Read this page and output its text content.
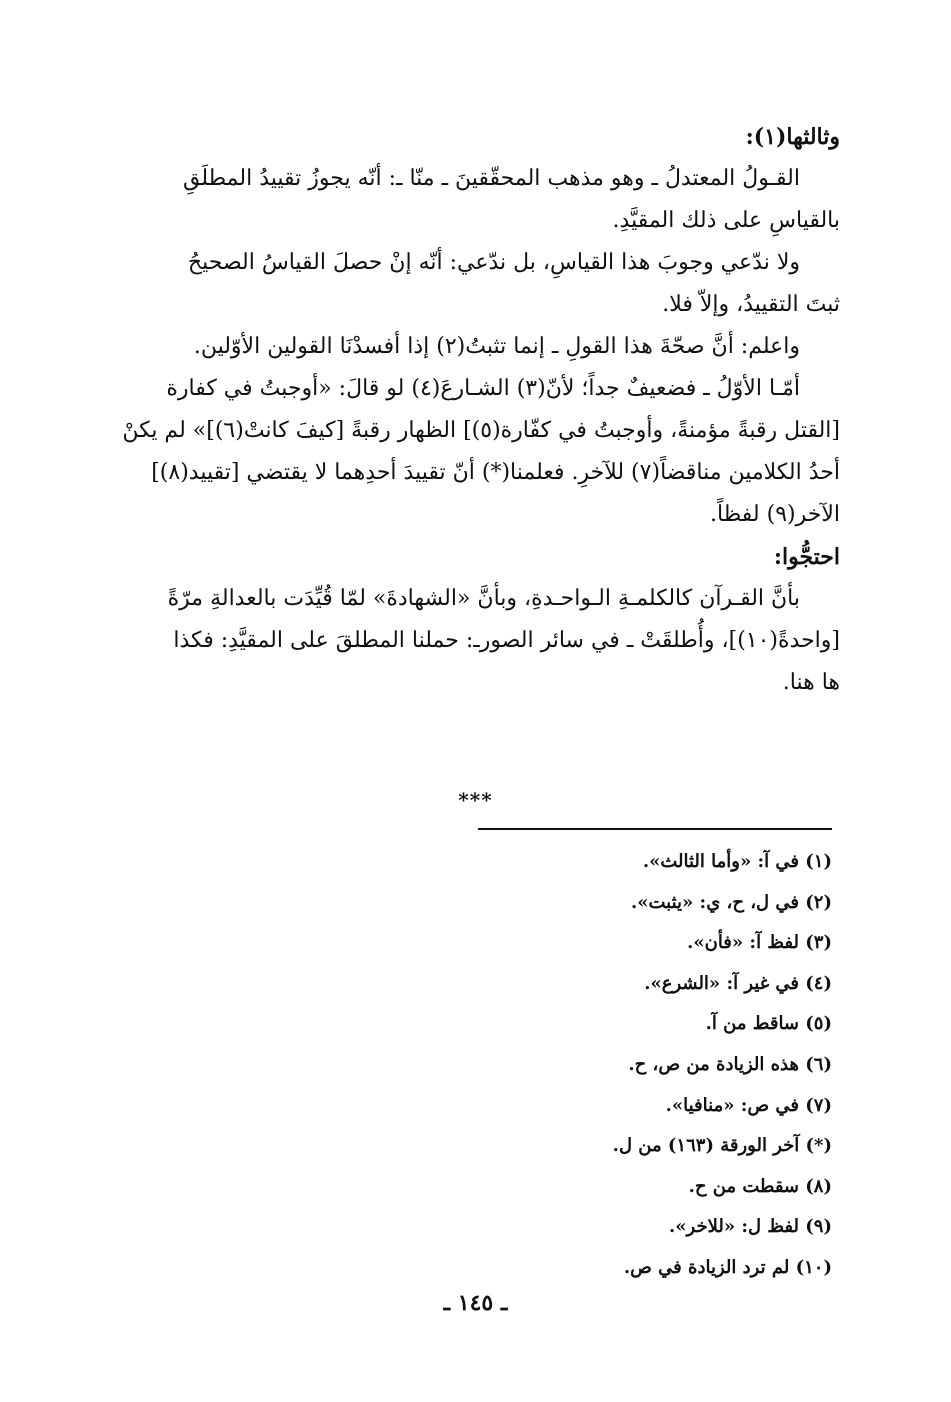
وثالثها(١):

القـولُ المعتدلُ ـ وهو مذهب المحقّقينَ ـ منّا ـ: أنّه يجوزُ تقييدُ المطلَقِ

بالقياسِ على ذلك المقيَّدِ.

ولا ندّعي وجوبَ هذا القياسِ، بل ندّعي: أنّه إنْ حصلَ القياسُ الصحيحُ

ثبتَ التقييدُ، وإلاّ فلا.

واعلم: أنَّ صحّةَ هذا القولِ ـ إنما تثبتُ(٢) إذا أفسدْنَا القولين الأوّلين.

أمّـا الأوّلُ ـ فضعيفٌ جداً؛ لأنّ(٣) الشـارعَ(٤) لو قالَ: «أوجبتُ في كفارة

[القتل رقبةً مؤمنةً، وأوجبتُ في كفّارة(٥)] الظهار رقبةً [كيفَ كانتْ(٦)]» لم يكنْ

أحدُ الكلامين مناقضاً(٧) للآخرِ. فعلمنا(*) أنّ تقييدَ أحدِهما لا يقتضي [تقييد(٨)]

الآخر(٩) لفظاً.

احتجُّوا:

بأنَّ القـرآن كالكلمـةِ الـواحـدةِ، وبأنَّ «الشهادةَ» لمّا قُيِّدَت بالعدالةِ مرّةً

[واحدةً(١٠)]، وأُطلقَتْ ـ في سائر الصورـ: حملنا المطلقَ على المقيَّدِ: فكذا

ها هنا.

***

(١) في آ: «وأما الثالث».

(٢) في ل، ح، ي: «يثبت».

(٣) لفظ آ: «فأن».

(٤) في غير آ: «الشرع».

(٥) ساقط من آ.

(٦) هذه الزيادة من ص، ح.

(٧) في ص: «منافيا».

(*) آخر الورقة (١٦٣) من ل.

(٨) سقطت من ح.

(٩) لفظ ل: «للاخر».

(١٠) لم ترد الزيادة في ص.

ـ ١٤٥ ـ
